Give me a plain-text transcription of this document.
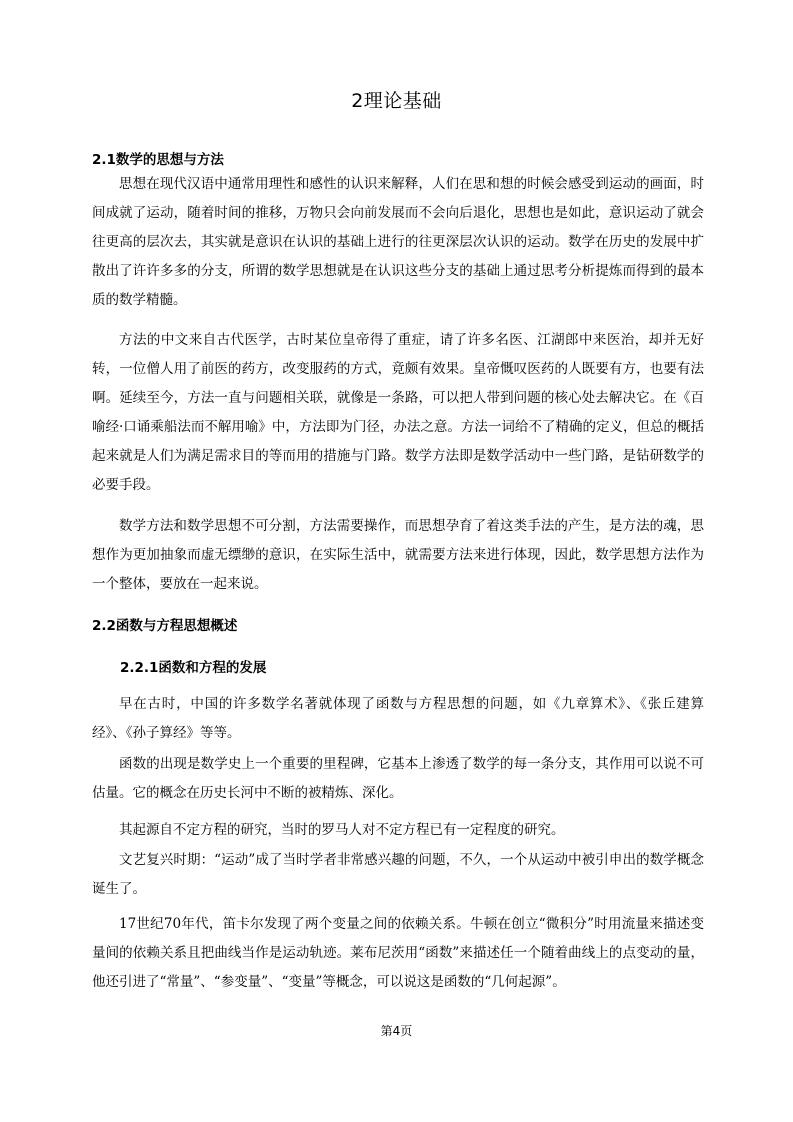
2理论基础
2.1数学的思想与方法

思想在现代汉语中通常用理性和感性的认识来解释，人们在思和想的时候会感受到运动的画面，时间成就了运动，随着时间的推移，万物只会向前发展而不会向后退化，思想也是如此，意识运动了就会往更高的层次去，其实就是意识在认识的基础上进行的往更深层次认识的运动。数学在历史的发展中扩散出了许许多多的分支，所谓的数学思想就是在认识这些分支的基础上通过思考分析提炼而得到的最本质的数学精髓。

方法的中文来自古代医学，古时某位皇帝得了重症，请了许多名医、江湖郎中来医治，却并无好转，一位僧人用了前医的药方，改变服药的方式，竟颇有效果。皇帝慨叹医药的人既要有方，也要有法啊。延续至今，方法一直与问题相关联，就像是一条路，可以把人带到问题的核心处去解决它。在《百喻经·口诵乘船法而不解用喻》中，方法即为门径，办法之意。方法一词给不了精确的定义，但总的概括起来就是人们为满足需求目的等而用的措施与门路。数学方法即是数学活动中一些门路，是钻研数学的必要手段。

数学方法和数学思想不可分割，方法需要操作，而思想孕育了着这类手法的产生，是方法的魂，思想作为更加抽象而虚无缥缈的意识，在实际生活中，就需要方法来进行体现，因此，数学思想方法作为一个整体，要放在一起来说。

2.2函数与方程思想概述
2.2.1函数和方程的发展

早在古时，中国的许多数学名著就体现了函数与方程思想的问题，如《九章算术》、《张丘建算经》、《孙子算经》等等。

函数的出现是数学史上一个重要的里程碑，它基本上渗透了数学的每一条分支，其作用可以说不可估量。它的概念在历史长河中不断的被精炼、深化。

其起源自不定方程的研究，当时的罗马人对不定方程已有一定程度的研究。

文艺复兴时期：“运动”成了当时学者非常感兴趣的问题，不久，一个从运动中被引申出的数学概念诞生了。

17世纪70年代，笛卡尔发现了两个变量之间的依赖关系。牛顿在创立“微积分”时用流量来描述变量间的依赖关系且把曲线当作是运动轨迹。莱布尼茨用“函数”来描述任一个随着曲线上的点变动的量，他还引进了“常量”、“参变量”、“变量”等概念，可以说这是函数的“几何起源”。

第4页
